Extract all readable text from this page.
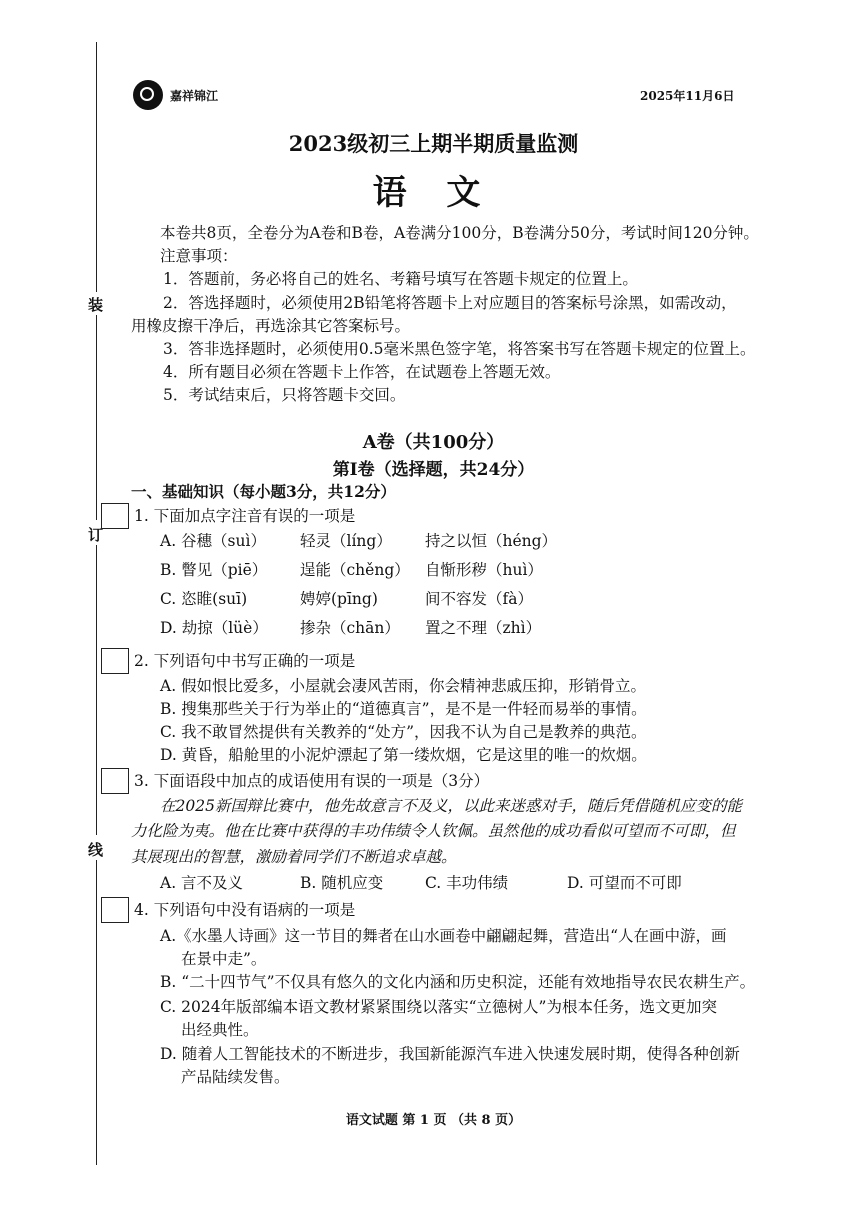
装
订
线
嘉祥锦江	2025年11月6日
2023级初三上期半期质量监测
语 文
本卷共8页，全卷分为A卷和B卷，A卷满分100分，B卷满分50分，考试时间120分钟。
注意事项：
1．答题前，务必将自己的姓名、考籍号填写在答题卡规定的位置上。
2．答选择题时，必须使用2B铅笔将答题卡上对应题目的答案标号涂黑，如需改动，
用橡皮擦干净后，再选涂其它答案标号。
3．答非选择题时，必须使用0.5毫米黑色签字笔，将答案书写在答题卡规定的位置上。
4．所有题目必须在答题卡上作答，在试题卷上答题无效。
5．考试结束后，只将答题卡交回。
A卷（共100分）
第Ⅰ卷（选择题，共24分）
一、基础知识（每小题3分，共12分）
1. 下面加点字注音有误的一项是
A. 谷穗（suì） 轻灵（líng） 持之以恒（héng）
B. 瞥见（piē） 逞能（chěng） 自惭形秽（huì）
C. 恣睢(suī)	娉婷(pīng)	间不容发（fà）
D. 劫掠（lüè） 掺杂（chān） 置之不理（zhì）
2. 下列语句中书写正确的一项是
A. 假如恨比爱多，小屋就会凄风苦雨，你会精神悲戚压抑，形销骨立。
B. 搜集那些关于行为举止的“道德真言”，是不是一件轻而易举的事情。
C. 我不敢冒然提供有关教养的“处方”，因我不认为自己是教养的典范。
D. 黄昏，船舱里的小泥炉漂起了第一缕炊烟，它是这里的唯一的炊烟。
3. 下面语段中加点的成语使用有误的一项是（3分）
在2025新国辩比赛中，他先故意言不及义，以此来迷惑对手，随后凭借随机应变的能
力化险为夷。他在比赛中获得的丰功伟绩令人钦佩。虽然他的成功看似可望而不可即，但
其展现出的智慧，激励着同学们不断追求卓越。
A. 言不及义	B. 随机应变	C. 丰功伟绩	D. 可望而不可即
4. 下列语句中没有语病的一项是
A.《水墨人诗画》这一节目的舞者在山水画卷中翩翩起舞，营造出“人在画中游，画
在景中走”。
B. “二十四节气”不仅具有悠久的文化内涵和历史积淀，还能有效地指导农民农耕生产。
C. 2024年版部编本语文教材紧紧围绕以落实“立德树人”为根本任务，选文更加突
出经典性。
D. 随着人工智能技术的不断进步，我国新能源汽车进入快速发展时期，使得各种创新
产品陆续发售。
语文试题 第 1 页 （共 8 页）
